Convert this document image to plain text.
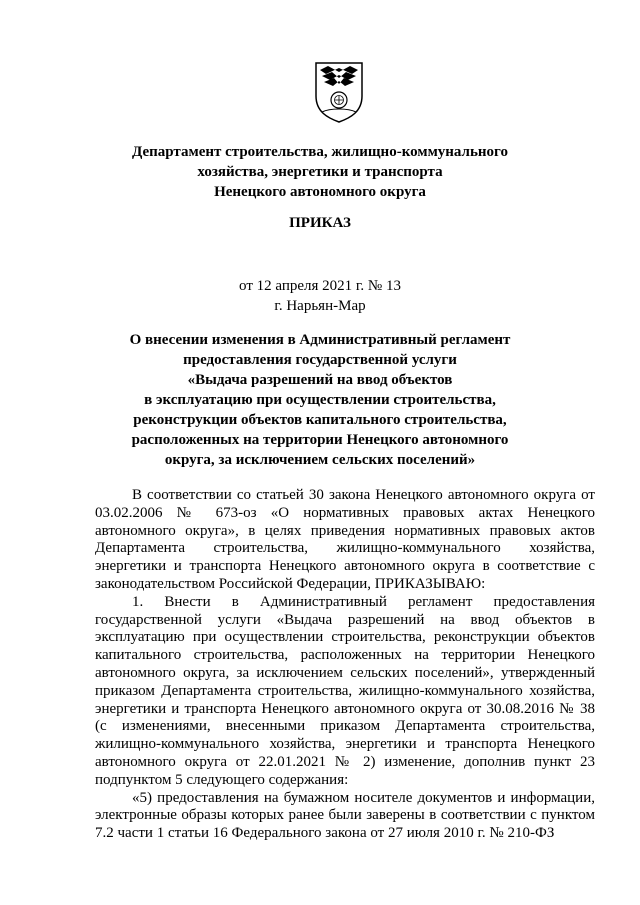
Департамент строительства, жилищно-коммунального
хозяйства, энергетики и транспорта
Ненецкого автономного округа
ПРИКАЗ
от 12 апреля 2021 г. № 13
г. Нарьян-Мар
О внесении изменения в Административный регламент
предоставления государственной услуги
«Выдача разрешений на ввод объектов
в эксплуатацию при осуществлении строительства,
реконструкции объектов капитального строительства,
расположенных на территории Ненецкого автономного
округа, за исключением сельских поселений»

В соответствии со статьей 30 закона Ненецкого автономного округа от 03.02.2006 № 673-оз «О нормативных правовых актах Ненецкого автономного округа», в целях приведения нормативных правовых актов Департамента строительства, жилищно-коммунального хозяйства, энергетики и транспорта Ненецкого автономного округа в соответствие с законодательством Российской Федерации, ПРИКАЗЫВАЮ:

1. Внести в Административный регламент предоставления государственной услуги «Выдача разрешений на ввод объектов в эксплуатацию при осуществлении строительства, реконструкции объектов капитального строительства, расположенных на территории Ненецкого автономного округа, за исключением сельских поселений», утвержденный приказом Департамента строительства, жилищно-коммунального хозяйства, энергетики и транспорта Ненецкого автономного округа от 30.08.2016 № 38 (с изменениями, внесенными приказом Департамента строительства, жилищно-коммунального хозяйства, энергетики и транспорта Ненецкого автономного округа от 22.01.2021 № 2) изменение, дополнив пункт 23 подпунктом 5 следующего содержания:

«5) предоставления на бумажном носителе документов и информации, электронные образы которых ранее были заверены в соответствии с пунктом 7.2 части 1 статьи 16 Федерального закона от 27 июля 2010 г. № 210-ФЗ
